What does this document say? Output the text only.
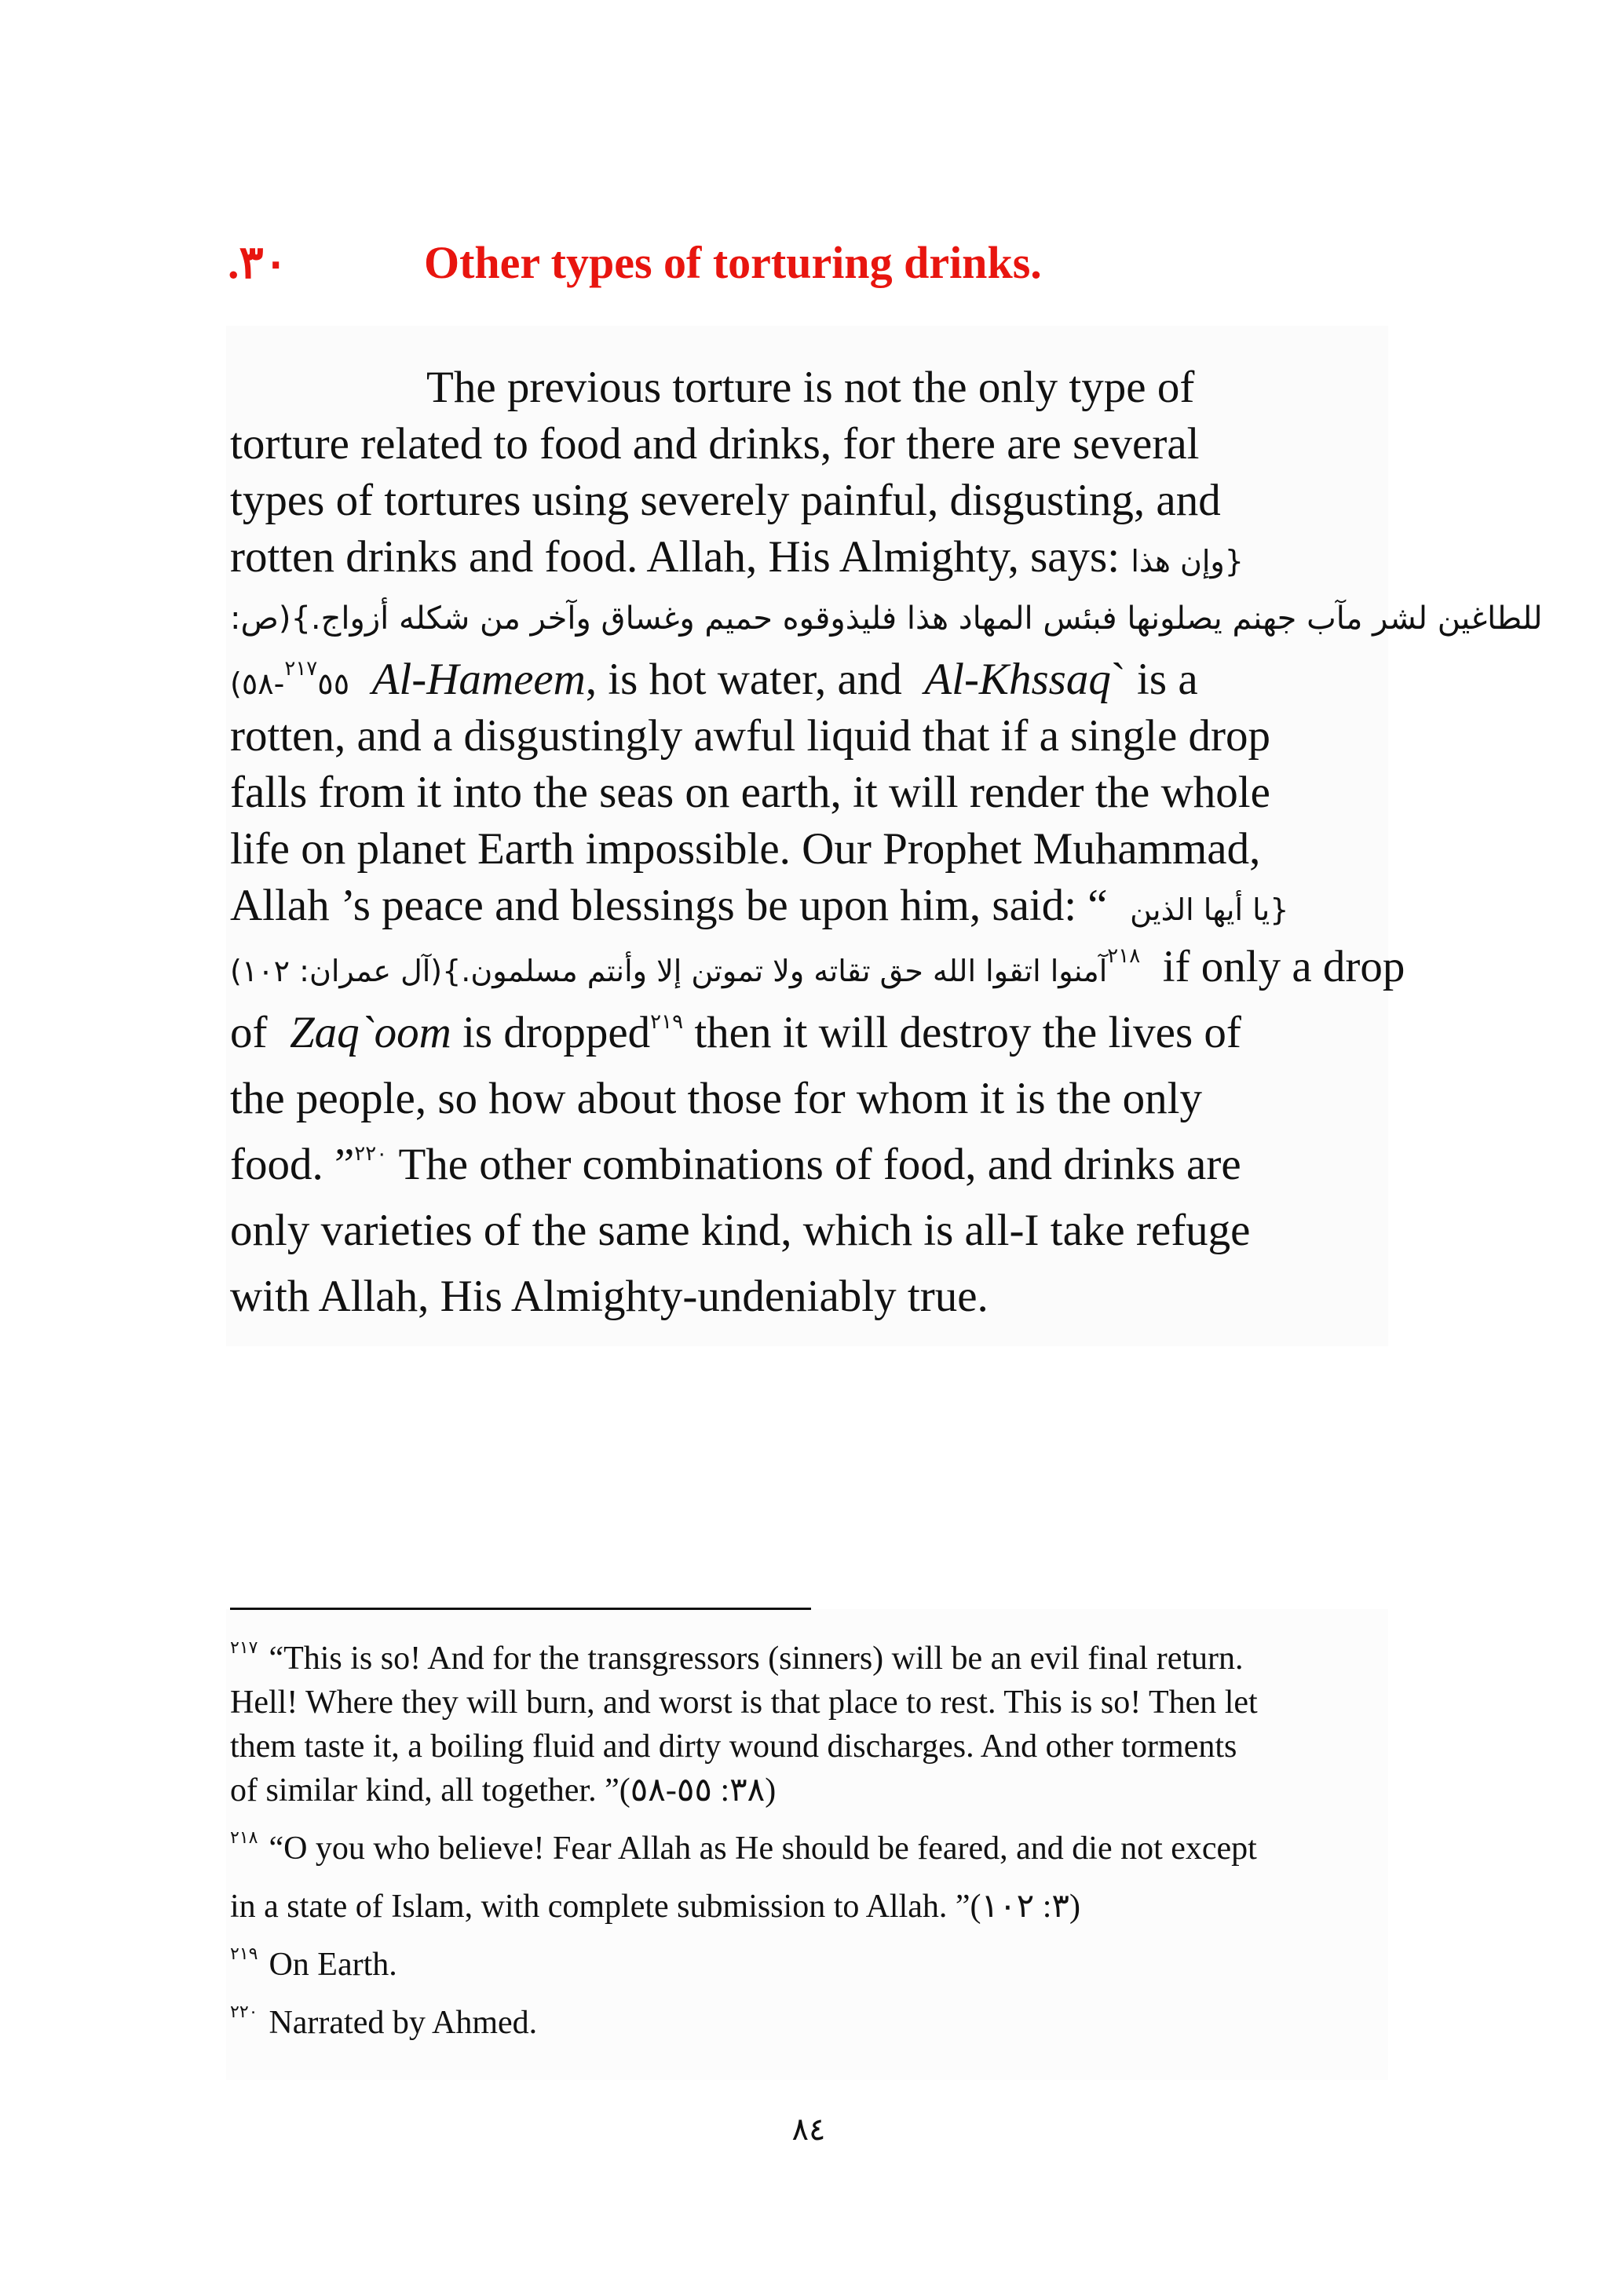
٣٠.	Other types of torturing drinks.
The previous torture is not the only type of
torture related to food and drinks, for there are several
types of tortures using severely painful, disgusting, and
rotten drinks and food. Allah, His Almighty, says: {وإن هذا
للطاغين لشر مآب جهنم يصلونها فبئس المهاد هذا فليذوقوه حميم وغساق وآخر من شكله أزواج.}(ص:
$^{٢١٧}$٥٥-٥٨) Al-Hameem, is hot water, and Al-Khssaq` is a
rotten, and a disgustingly awful liquid that if a single drop
falls from it into the seas on earth, it will render the whole
life on planet Earth impossible. Our Prophet Muhammad,
Allah ’s peace and blessings be upon him, said: “ {يا أيها الذين
$^{٢١٨}$آمنوا اتقوا الله حق تقاته ولا تموتن إلا وأنتم مسلمون.}(آل عمران: ١٠٢) if only a drop
of Zaq`oom is dropped$^{٢١٩}$ then it will destroy the lives of
the people, so how about those for whom it is the only
food. ”$^{٢٢٠}$ The other combinations of food, and drinks are
only varieties of the same kind, which is all-I take refuge
with Allah, His Almighty-undeniably true.
$^{٢١٧}$ “This is so! And for the transgressors (sinners) will be an evil final return.
Hell! Where they will burn, and worst is that place to rest. This is so! Then let
them taste it, a boiling fluid and dirty wound discharges. And other torments
of similar kind, all together. ”(٣٨: ٥٥-٥٨)
$^{٢١٨}$ “O you who believe! Fear Allah as He should be feared, and die not except
in a state of Islam, with complete submission to Allah. ”(٣: ١٠٢)
$^{٢١٩}$ On Earth.
$^{٢٢٠}$ Narrated by Ahmed.
٨٤
